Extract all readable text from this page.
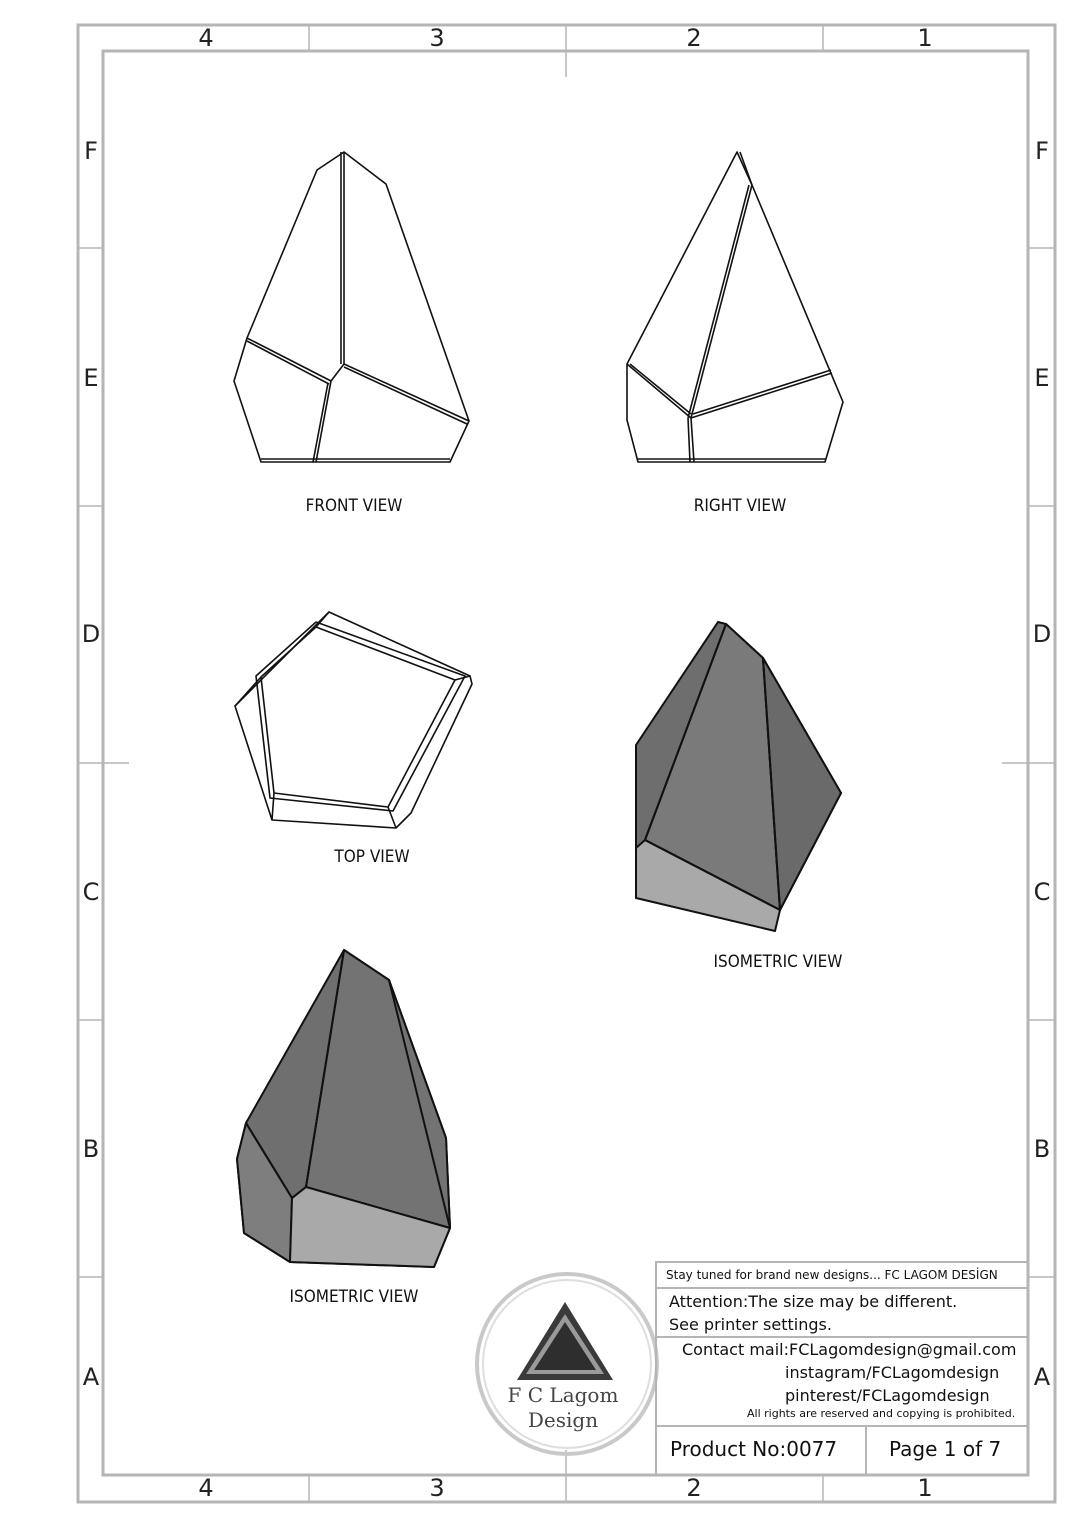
4	3	2	1
4	3	2	1
F
E
D
C
B
A
F
E
D
C
B
A
FRONT VIEW	RIGHT VIEW
TOP VIEW
ISOMETRIC VIEW
ISOMETRIC VIEW
F C Lagom
Design
Stay tuned for brand new designs... FC LAGOM DESİGN
Attention:The size may be different.
See printer settings.
Contact mail:FCLagomdesign@gmail.com
instagram/FCLagomdesign
pinterest/FCLagomdesign
All rights are reserved and copying is prohibited.
Product No:0077	Page 1 of 7
